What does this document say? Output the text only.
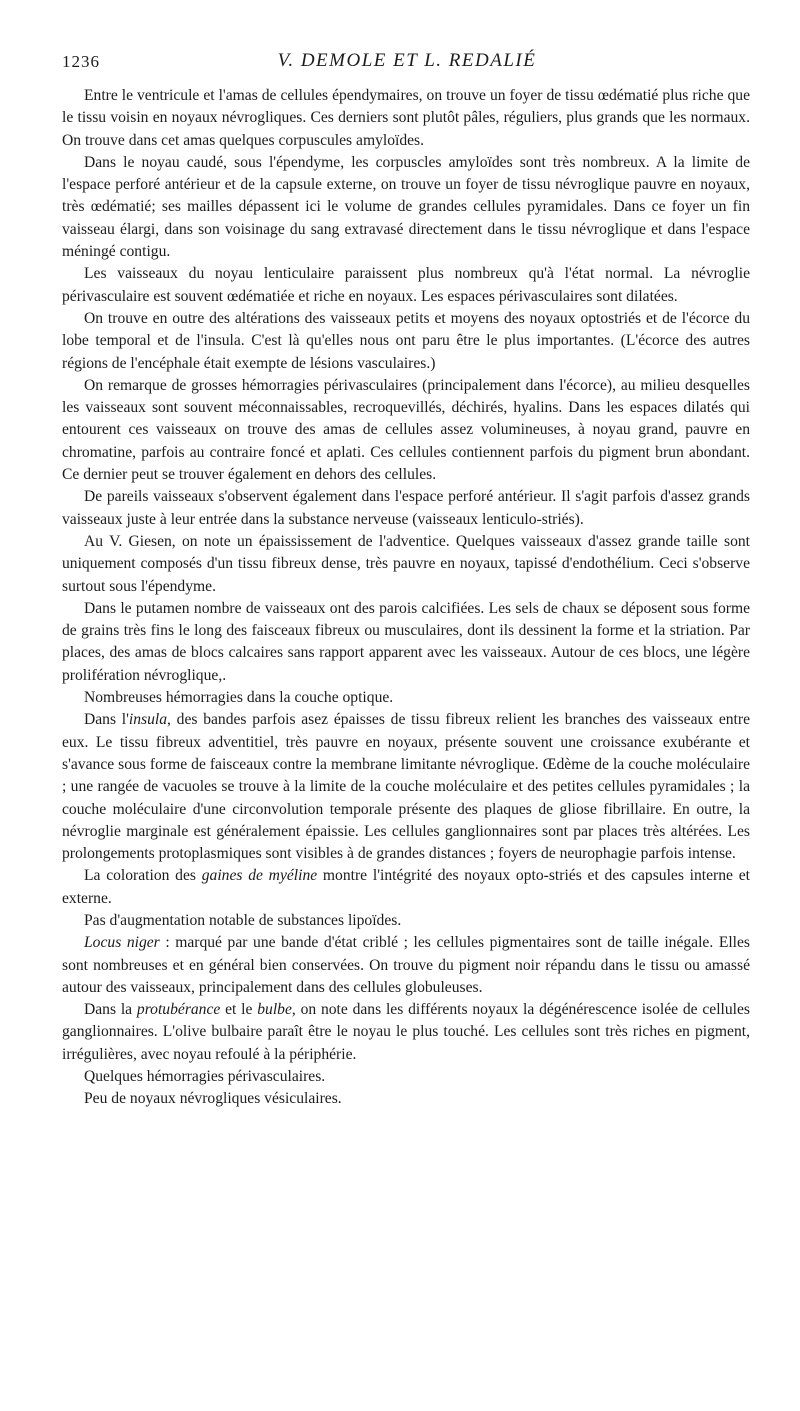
1236	V. DEMOLE ET L. REDALIÉ

Entre le ventricule et l'amas de cellules épendymaires, on trouve un foyer de tissu œdématié plus riche que le tissu voisin en noyaux névrogliques. Ces derniers sont plutôt pâles, réguliers, plus grands que les normaux. On trouve dans cet amas quelques corpuscules amyloïdes.

Dans le noyau caudé, sous l'épendyme, les corpuscles amyloïdes sont très nombreux. A la limite de l'espace perforé antérieur et de la capsule externe, on trouve un foyer de tissu névroglique pauvre en noyaux, très œdématié; ses mailles dépassent ici le volume de grandes cellules pyramidales. Dans ce foyer un fin vaisseau élargi, dans son voisinage du sang extravasé directement dans le tissu névroglique et dans l'espace méningé contigu.

Les vaisseaux du noyau lenticulaire paraissent plus nombreux qu'à l'état normal. La névroglie périvasculaire est souvent œdématiée et riche en noyaux. Les espaces périvasculaires sont dilatées.

On trouve en outre des altérations des vaisseaux petits et moyens des noyaux optostriés et de l'écorce du lobe temporal et de l'insula. C'est là qu'elles nous ont paru être le plus importantes. (L'écorce des autres régions de l'encéphale était exempte de lésions vasculaires.)

On remarque de grosses hémorragies périvasculaires (principalement dans l'écorce), au milieu desquelles les vaisseaux sont souvent méconnaissables, recroquevillés, déchirés, hyalins. Dans les espaces dilatés qui entourent ces vaisseaux on trouve des amas de cellules assez volumineuses, à noyau grand, pauvre en chromatine, parfois au contraire foncé et aplati. Ces cellules contiennent parfois du pigment brun abondant. Ce dernier peut se trouver également en dehors des cellules.

De pareils vaisseaux s'observent également dans l'espace perforé antérieur. Il s'agit parfois d'assez grands vaisseaux juste à leur entrée dans la substance nerveuse (vaisseaux lenticulo-striés).

Au V. Giesen, on note un épaississement de l'adventice. Quelques vaisseaux d'assez grande taille sont uniquement composés d'un tissu fibreux dense, très pauvre en noyaux, tapissé d'endothélium. Ceci s'observe surtout sous l'épendyme.

Dans le putamen nombre de vaisseaux ont des parois calcifiées. Les sels de chaux se déposent sous forme de grains très fins le long des faisceaux fibreux ou musculaires, dont ils dessinent la forme et la striation. Par places, des amas de blocs calcaires sans rapport apparent avec les vaisseaux. Autour de ces blocs, une légère prolifération névroglique,.

Nombreuses hémorragies dans la couche optique.

Dans l'insula, des bandes parfois asez épaisses de tissu fibreux relient les branches des vaisseaux entre eux. Le tissu fibreux adventitiel, très pauvre en noyaux, présente souvent une croissance exubérante et s'avance sous forme de faisceaux contre la membrane limitante névroglique. Œdème de la couche moléculaire ; une rangée de vacuoles se trouve à la limite de la couche moléculaire et des petites cellules pyramidales ; la couche moléculaire d'une circonvolution temporale présente des plaques de gliose fibrillaire. En outre, la névroglie marginale est généralement épaissie. Les cellules ganglionnaires sont par places très altérées. Les prolongements protoplasmiques sont visibles à de grandes distances ; foyers de neurophagie parfois intense.

La coloration des gaines de myéline montre l'intégrité des noyaux opto-striés et des capsules interne et externe.

Pas d'augmentation notable de substances lipoïdes.

Locus niger : marqué par une bande d'état criblé ; les cellules pigmentaires sont de taille inégale. Elles sont nombreuses et en général bien conservées. On trouve du pigment noir répandu dans le tissu ou amassé autour des vaisseaux, principalement dans des cellules globuleuses.

Dans la protubérance et le bulbe, on note dans les différents noyaux la dégénérescence isolée de cellules ganglionnaires. L'olive bulbaire paraît être le noyau le plus touché. Les cellules sont très riches en pigment, irrégulières, avec noyau refoulé à la périphérie.

Quelques hémorragies périvasculaires.

Peu de noyaux névrogliques vésiculaires.
